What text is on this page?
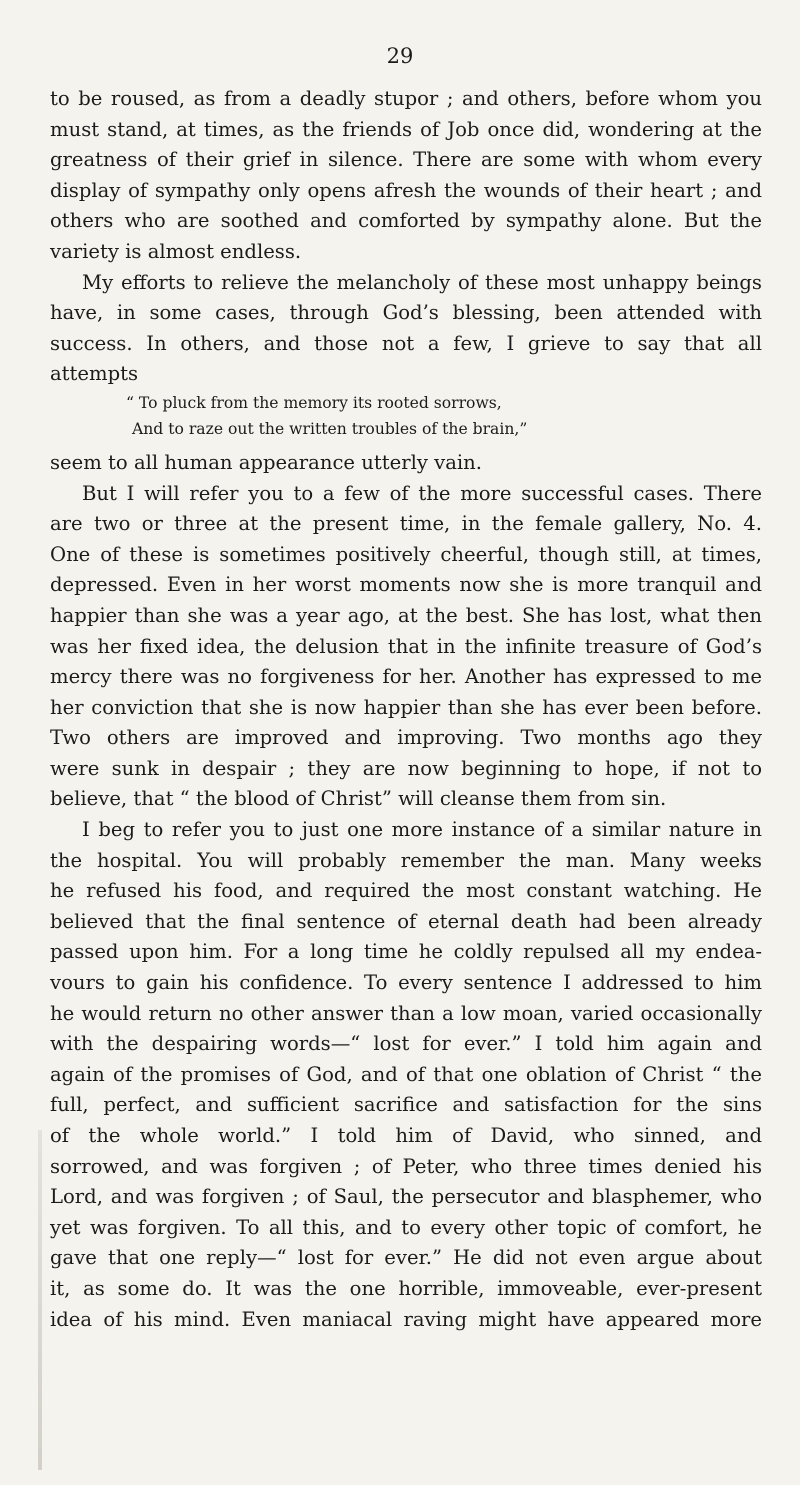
29
to be roused, as from a deadly stupor ; and others, before whom you
must stand, at times, as the friends of Job once did, wondering at the
greatness of their grief in silence. There are some with whom every
display of sympathy only opens afresh the wounds of their heart ; and
others who are soothed and comforted by sympathy alone. But the
variety is almost endless.
My efforts to relieve the melancholy of these most unhappy beings
have, in some cases, through God’s blessing, been attended with
success. In others, and those not a few, I grieve to say that all
attempts
“ To pluck from the memory its rooted sorrows,
And to raze out the written troubles of the brain,”
seem to all human appearance utterly vain.
But I will refer you to a few of the more successful cases. There
are two or three at the present time, in the female gallery, No. 4.
One of these is sometimes positively cheerful, though still, at times,
depressed. Even in her worst moments now she is more tranquil and
happier than she was a year ago, at the best. She has lost, what then
was her fixed idea, the delusion that in the infinite treasure of God’s
mercy there was no forgiveness for her. Another has expressed to me
her conviction that she is now happier than she has ever been before.
Two others are improved and improving. Two months ago they
were sunk in despair ; they are now beginning to hope, if not to
believe, that “ the blood of Christ” will cleanse them from sin.
I beg to refer you to just one more instance of a similar nature in
the hospital. You will probably remember the man. Many weeks
he refused his food, and required the most constant watching. He
believed that the final sentence of eternal death had been already
passed upon him. For a long time he coldly repulsed all my endea-
vours to gain his confidence. To every sentence I addressed to him
he would return no other answer than a low moan, varied occasionally
with the despairing words—“ lost for ever.” I told him again and
again of the promises of God, and of that one oblation of Christ “ the
full, perfect, and sufficient sacrifice and satisfaction for the sins
of the whole world.” I told him of David, who sinned, and
sorrowed, and was forgiven ; of Peter, who three times denied his
Lord, and was forgiven ; of Saul, the persecutor and blasphemer, who
yet was forgiven. To all this, and to every other topic of comfort, he
gave that one reply—“ lost for ever.” He did not even argue about
it, as some do. It was the one horrible, immoveable, ever-present
idea of his mind. Even maniacal raving might have appeared more
